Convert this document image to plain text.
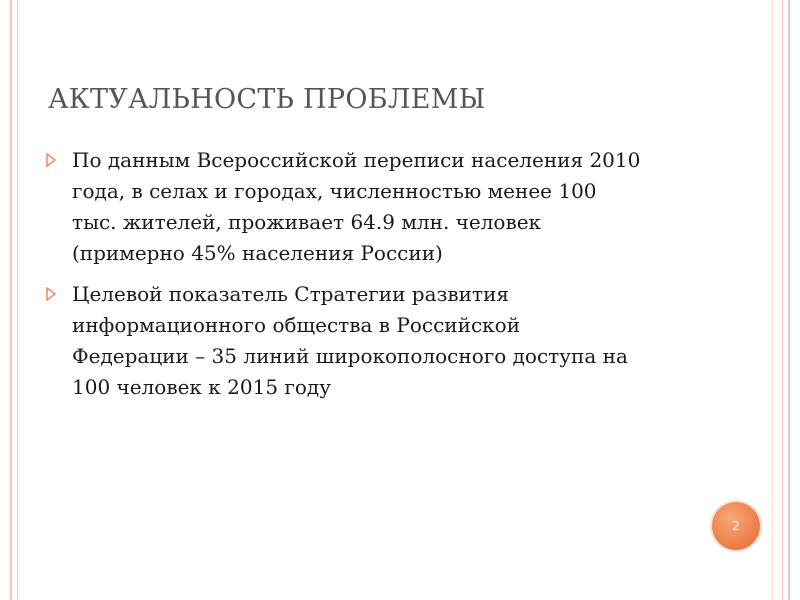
АКТУАЛЬНОСТЬ ПРОБЛЕМЫ
По данным Всероссийской переписи населения 2010
года, в селах и городах, численностью менее 100
тыс. жителей, проживает 64.9 млн. человек
(примерно 45% населения России)
Целевой показатель Стратегии развития
информационного общества в Российской
Федерации – 35 линий широкополосного доступа на
100 человек к 2015 году
2
